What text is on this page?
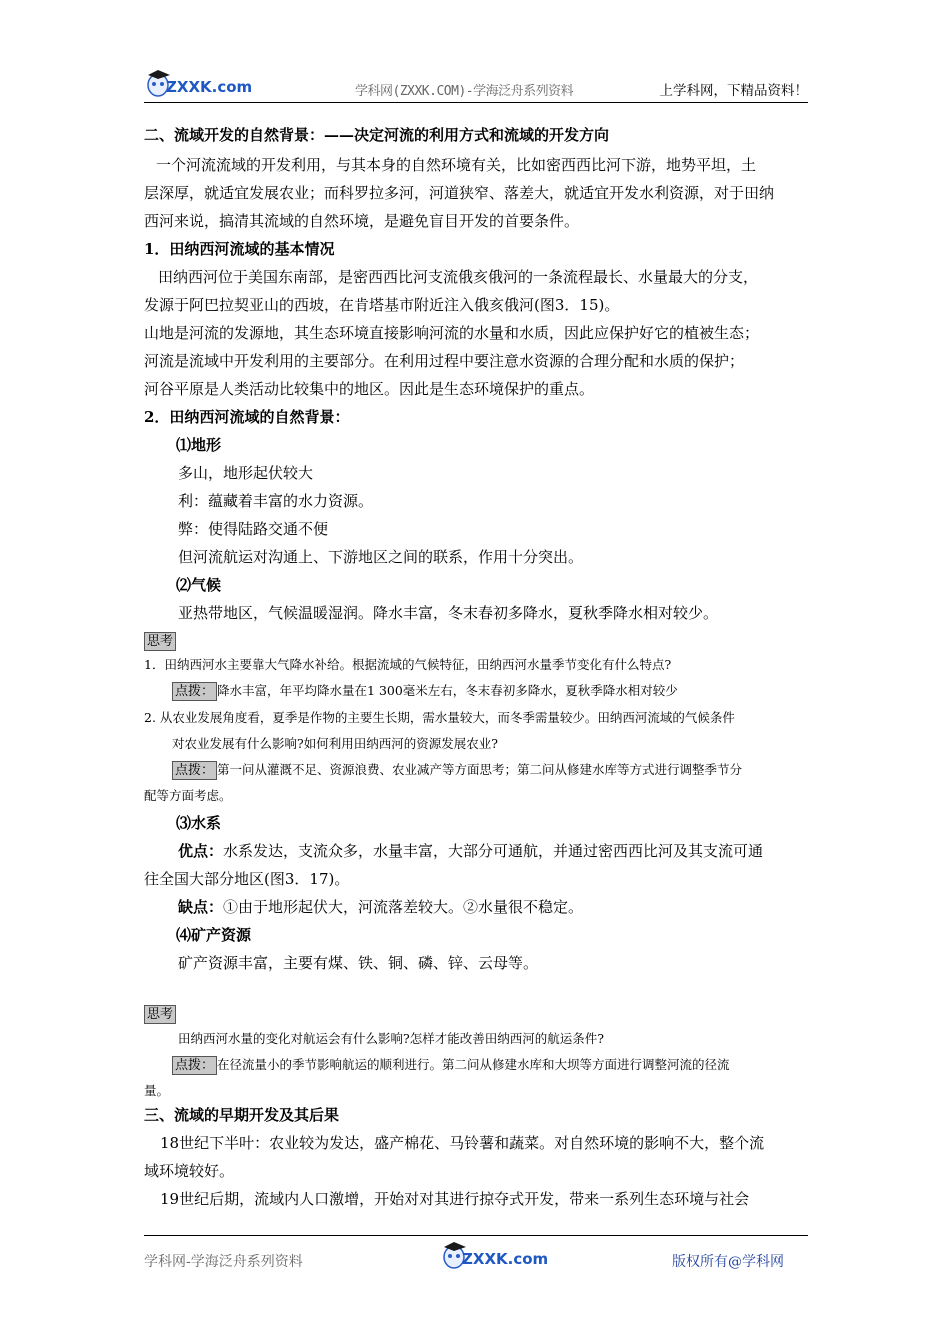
ZXXK.com	学科网(ZXXK.COM)-学海泛舟系列资料	上学科网，下精品资料！
二、流域开发的自然背景：——决定河流的利用方式和流域的开发方向
一个河流流域的开发利用，与其本身的自然环境有关，比如密西西比河下游，地势平坦，土
层深厚，就适宜发展农业；而科罗拉多河，河道狭窄、落差大，就适宜开发水利资源，对于田纳
西河来说，搞清其流域的自然环境，是避免盲目开发的首要条件。
1．田纳西河流域的基本情况
田纳西河位于美国东南部，是密西西比河支流俄亥俄河的一条流程最长、水量最大的分支，
发源于阿巴拉契亚山的西坡，在肯塔基市附近注入俄亥俄河(图3．15)。
山地是河流的发源地，其生态环境直接影响河流的水量和水质，因此应保护好它的植被生态；
河流是流域中开发利用的主要部分。在利用过程中要注意水资源的合理分配和水质的保护；
河谷平原是人类活动比较集中的地区。因此是生态环境保护的重点。
2．田纳西河流域的自然背景：
⑴地形
多山，地形起伏较大
利：蕴藏着丰富的水力资源。
弊：使得陆路交通不便
但河流航运对沟通上、下游地区之间的联系，作用十分突出。
⑵气候
亚热带地区，气候温暖湿润。降水丰富，冬末春初多降水，夏秋季降水相对较少。
思考
1．田纳西河水主要靠大气降水补给。根据流域的气候特征，田纳西河水量季节变化有什么特点?
点拨： 降水丰富，年平均降水量在1 300毫米左右，冬末春初多降水，夏秋季降水相对较少
2. 从农业发展角度看，夏季是作物的主要生长期，需水量较大，而冬季需量较少。田纳西河流域的气候条件
对农业发展有什么影响?如何利用田纳西河的资源发展农业?
点拨： 第一问从灌溉不足、资源浪费、农业减产等方面思考；第二问从修建水库等方式进行调整季节分
配等方面考虑。
⑶水系
优点：水系发达，支流众多，水量丰富，大部分可通航，并通过密西西比河及其支流可通
往全国大部分地区(图3．17)。
缺点：①由于地形起伏大，河流落差较大。②水量很不稳定。
⑷矿产资源
矿产资源丰富，主要有煤、铁、铜、磷、锌、云母等。
思考
田纳西河水量的变化对航运会有什么影响?怎样才能改善田纳西河的航运条件?
点拨： 在径流量小的季节影响航运的顺利进行。第二问从修建水库和大坝等方面进行调整河流的径流
量。
三、流域的早期开发及其后果
18世纪下半叶：农业较为发达，盛产棉花、马铃薯和蔬菜。对自然环境的影响不大，整个流
域环境较好。
19世纪后期，流域内人口激增，开始对对其进行掠夺式开发，带来一系列生态环境与社会
学科网-学海泛舟系列资料	ZXXK.com	版权所有@学科网
